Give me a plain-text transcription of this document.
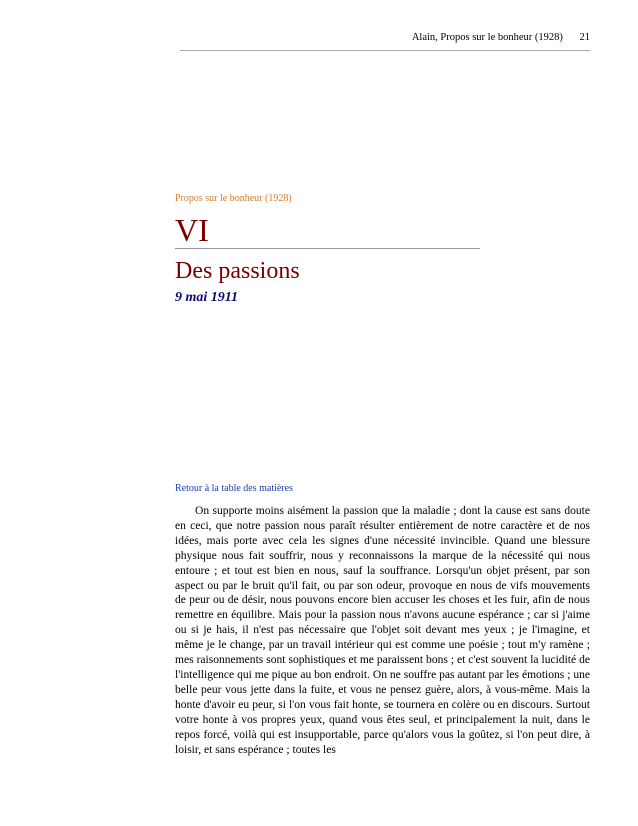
Alain, Propos sur le bonheur (1928) 21
Propos sur le bonheur (1928)
VI
Des passions
9 mai 1911
Retour à la table des matières

On supporte moins aisément la passion que la maladie ; dont la cause est sans doute en ceci, que notre passion nous paraît résulter entièrement de notre caractère et de nos idées, mais porte avec cela les signes d'une nécessité invincible. Quand une blessure physique nous fait souffrir, nous y reconnaissons la marque de la nécessité qui nous entoure ; et tout est bien en nous, sauf la souffrance. Lorsqu'un objet présent, par son aspect ou par le bruit qu'il fait, ou par son odeur, provoque en nous de vifs mouvements de peur ou de désir, nous pouvons encore bien accuser les choses et les fuir, afin de nous remettre en équilibre. Mais pour la passion nous n'avons aucune espérance ; car si j'aime ou si je hais, il n'est pas nécessaire que l'objet soit devant mes yeux ; je l'imagine, et même je le change, par un travail intérieur qui est comme une poésie ; tout m'y ramène ; mes raisonnements sont sophistiques et me paraissent bons ; et c'est souvent la lucidité de l'intelligence qui me pique au bon endroit. On ne souffre pas autant par les émotions ; une belle peur vous jette dans la fuite, et vous ne pensez guère, alors, à vous-même. Mais la honte d'avoir eu peur, si l'on vous fait honte, se tournera en colère ou en discours. Surtout votre honte à vos propres yeux, quand vous êtes seul, et principalement la nuit, dans le repos forcé, voilà qui est insupportable, parce qu'alors vous la goûtez, si l'on peut dire, à loisir, et sans espérance ; toutes les
